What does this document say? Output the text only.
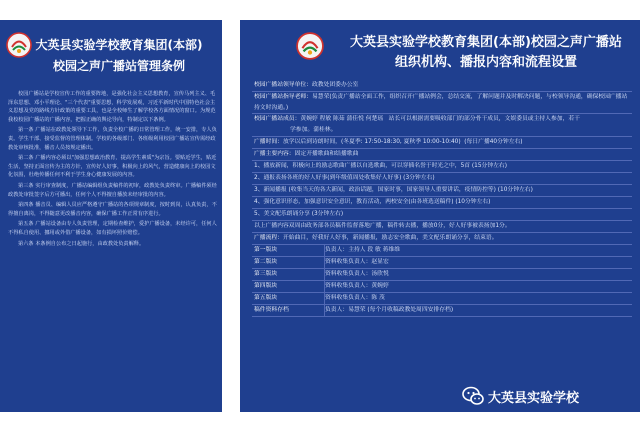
大英县实验学校教育集团(本部)
校园之声广播站管理条例

校园广播站是学校宣传工作的重要阵地，是强化社会主义思想教育，宣传马列主义、毛泽东思想、邓小平理论、"三个代表"重要思想，科学发展观，习近平新时代中国特色社会主义思想及党的路线方针政策的重要工具，也是全校师生了解学校各方面情况的窗口。为规范我校校园广播站的广播内容，把握正确的舆论导向，特制定以下条例。

第一条 广播站在政教处领导下工作，负责全校广播的日常管理工作，统一安排，专人负责。学生干部、接受监督的管理体制。学校的各级部门、各班级利用校园广播站宣传需经政教处审核批准，播音人员按规定播出。

第二条 广播内容必须以"加强思想政治教育，提高学生素质"为宗旨。要贴近学生，贴近生活，坚持正面宣传为主的方针，宣传好人好事，积极向上的风气，营造健康向上的校园文化氛围，杜绝传播任何不利于学生身心健康发展的内容。

第三条 实行审查制度，广播站编辑组负责稿件的初审，政教处负责终审。广播稿件须经政教处审批签字后方可播出，任何个人不得擅自播放未经审批的内容。

第四条 播音员、编辑人员应严格遵守广播站的各项规章制度，按时到岗，认真负责，不得擅自离岗，不得随意更改播音内容，确保广播工作正常有序进行。

第五条 广播站设备由专人负责管理，定期检查维护，爱护广播设备，未经许可，任何人不得私自使用、挪用或外借广播设备，如有损坏照价赔偿。

第六条 本条例自公布之日起施行，由政教处负责解释。

大英县实验学校教育集团(本部)校园之声广播站
组织机构、播报内容和流程设置
校园广播站领导单位：政教处团委办公室
校园广播站指导老师：易慧荣(负责广播站全面工作，组织召开广播站例会，总结交流，了解问题并及时解决问题，与校领导沟通，确保校园广播站持文时沟通。)
校园广播站成员：黄婉婷 程敏 陈茹 蒲佳悦 何楚瑶 站长可以根据需要吸收部门的部分骨干成员，文娱委员或主持人参加，若干
学参加。蒲桂林。
广播时间：放学以后到诗朗时间，(冬夏季: 17:50-18:30, 夏秋季 10:00-10:40) (每日广播40分钟左右)
广播主要内容：固定开播歌曲和结播歌曲
1、播放新闻，积极向上的励志歌曲广播以自选歌曲，可以穿插名誉于时光之中，5首 (15分钟左右)
2、通报表扬各班的好人好事(到年级值周处收集好人好事) (3分钟左右)
3、新闻播报 (收集当天的各大新闻，政治话题，国家时事，国家领导人重要讲话，疫情防控等) (10分钟左右)
4、强化意识形态，加强意识安全意识，教育活动，两校安全(由各班选送稿件) (10分钟左右)
5、美文配乐朗诵分享 (3分钟左右)
以上广播内容双周由政务部各员稿件监督落地广播，稿件转去播，播放0分，好人好事被表扬加1分。
广播流程：开始曲目，好我好人好事，新闻播报，励志安全歌曲，美文配乐朗诵分享，结束语。
第一版块	负责人：主持人 段 敏 蒋维维
第二版块	资料收集负责人：赵显宏
第三版块	资料收集负责人：汤欣悦
第四版块	资料收集负责人：黄婉婷
第五版块	资料收集负责人：陈 茂
稿件资料存档	负责人：易慧荣 (每个月收稿政教处周四安排存档)
大英县实验学校
